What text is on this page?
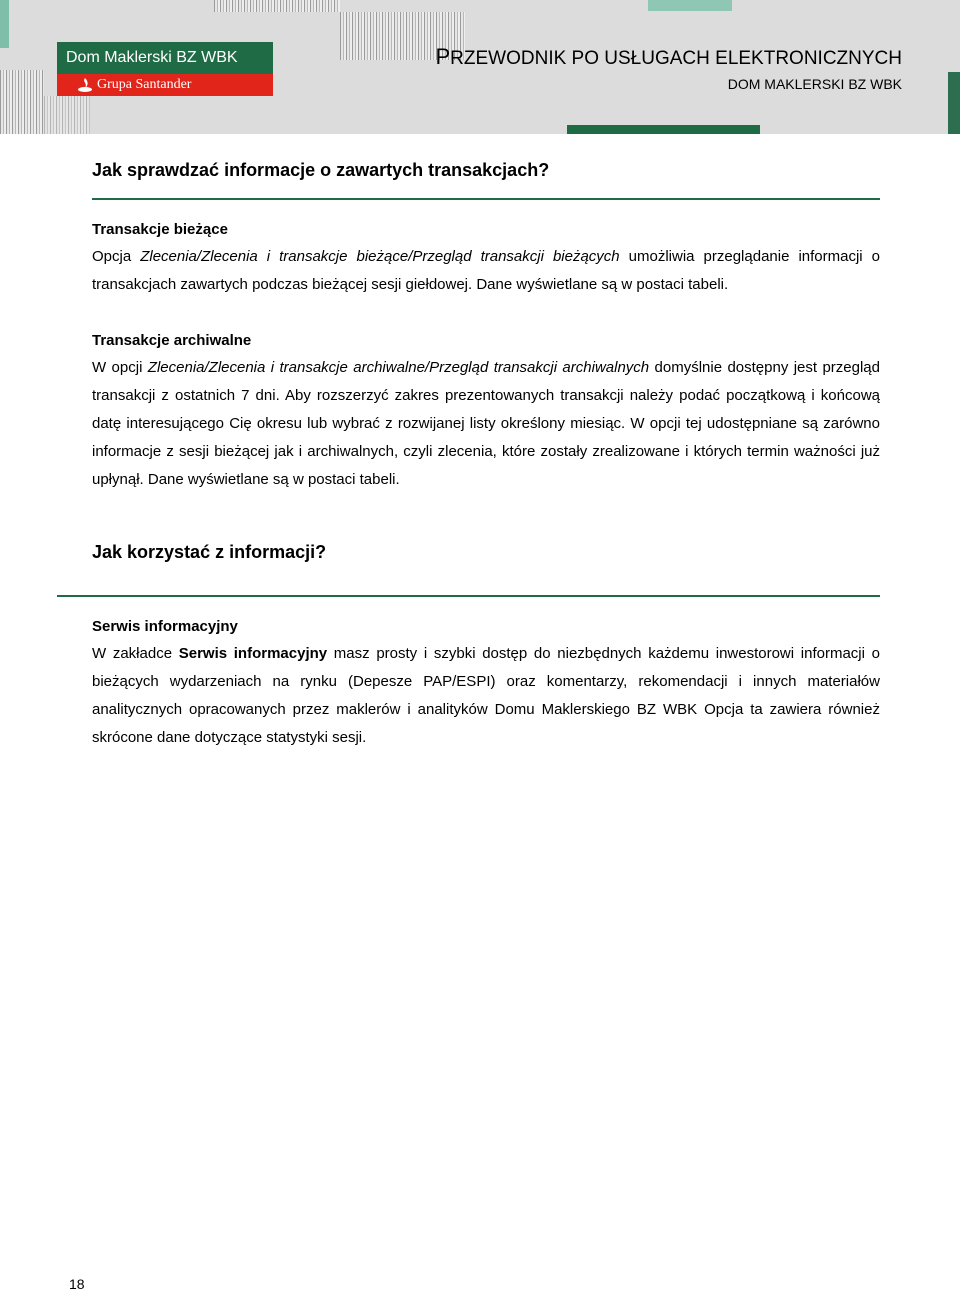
Dom Maklerski BZ WBK
Grupa Santander
PRZEWODNIK PO USŁUGACH ELEKTRONICZNYCH
DOM MAKLERSKI BZ WBK
Jak sprawdzać informacje o zawartych transakcjach?
Transakcje bieżące

Opcja Zlecenia/Zlecenia i transakcje bieżące/Przegląd transakcji bieżących umożliwia przeglądanie informacji o transakcjach zawartych podczas bieżącej sesji giełdowej. Dane wyświetlane są w postaci tabeli.

Transakcje archiwalne

W opcji Zlecenia/Zlecenia i transakcje archiwalne/Przegląd transakcji archiwalnych domyślnie dostępny jest przegląd transakcji z ostatnich 7 dni. Aby rozszerzyć zakres prezentowanych transakcji należy podać początkową i końcową datę interesującego Cię okresu lub wybrać z rozwijanej listy określony miesiąc. W opcji tej udostępniane są zarówno informacje z sesji bieżącej jak i archiwalnych, czyli zlecenia, które zostały zrealizowane i których termin ważności już upłynął. Dane wyświetlane są w postaci tabeli.

Jak korzystać z informacji?
Serwis informacyjny

W zakładce Serwis informacyjny masz prosty i szybki dostęp do niezbędnych każdemu inwestorowi informacji o bieżących wydarzeniach na rynku (Depesze PAP/ESPI) oraz komentarzy, rekomendacji i innych materiałów analitycznych opracowanych przez maklerów i analityków Domu Maklerskiego BZ WBK Opcja ta zawiera również skrócone dane dotyczące statystyki sesji.

18
